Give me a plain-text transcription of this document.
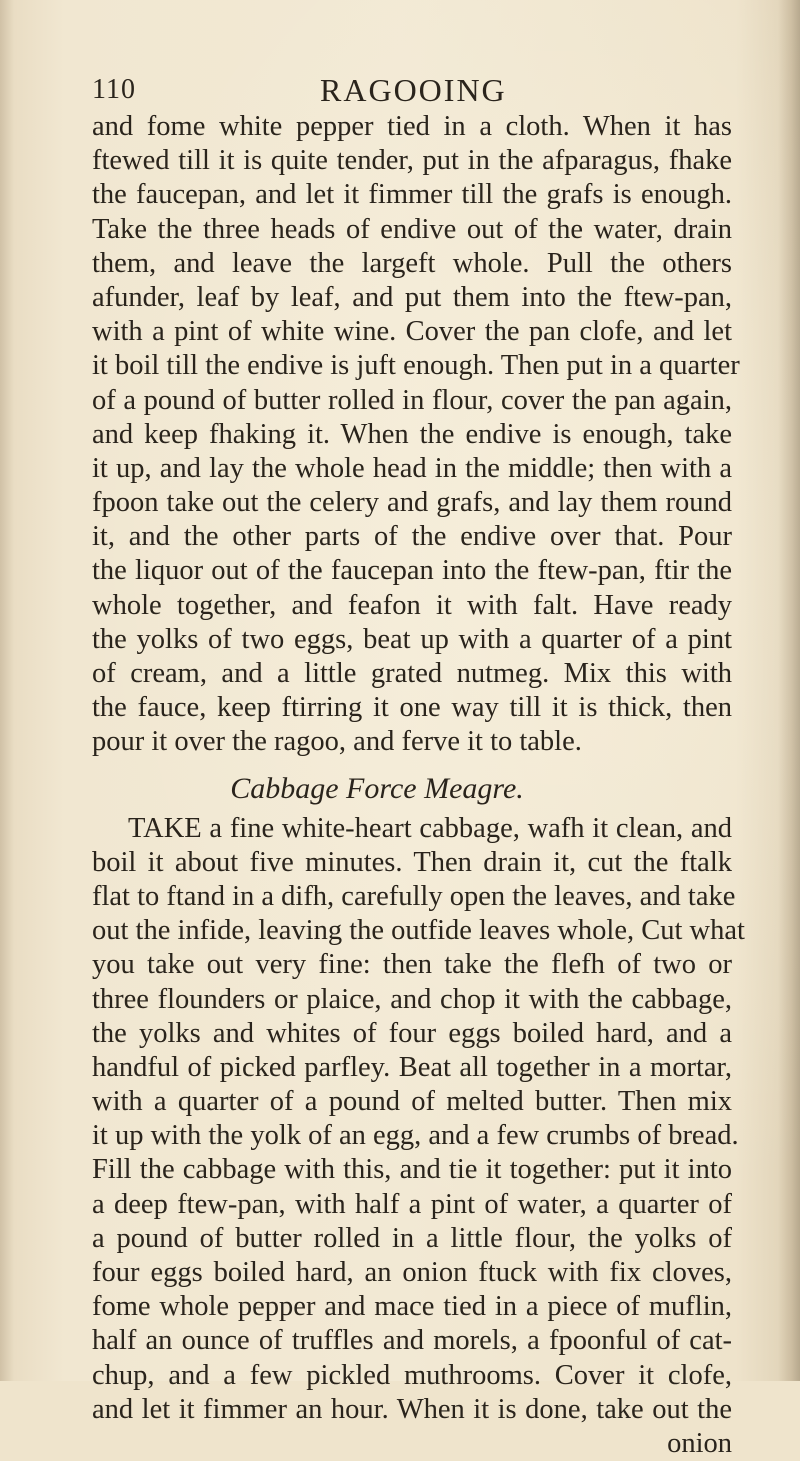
110	RAGOOING
and fome white pepper tied in a cloth. When it has
ftewed till it is quite tender, put in the afparagus, fhake
the faucepan, and let it fimmer till the grafs is enough.
Take the three heads of endive out of the water, drain
them, and leave the largeft whole. Pull the others
afunder, leaf by leaf, and put them into the ftew-pan,
with a pint of white wine. Cover the pan clofe, and let
it boil till the endive is juft enough. Then put in a quarter
of a pound of butter rolled in flour, cover the pan again,
and keep fhaking it. When the endive is enough, take
it up, and lay the whole head in the middle; then with a
fpoon take out the celery and grafs, and lay them round
it, and the other parts of the endive over that. Pour
the liquor out of the faucepan into the ftew-pan, ftir the
whole together, and feafon it with falt. Have ready
the yolks of two eggs, beat up with a quarter of a pint
of cream, and a little grated nutmeg. Mix this with
the fauce, keep ftirring it one way till it is thick, then
pour it over the ragoo, and ferve it to table.
Cabbage Force Meagre.
TAKE a fine white-heart cabbage, wafh it clean, and
boil it about five minutes. Then drain it, cut the ftalk
flat to ftand in a difh, carefully open the leaves, and take
out the infide, leaving the outfide leaves whole, Cut what
you take out very fine: then take the flefh of two or
three flounders or plaice, and chop it with the cabbage,
the yolks and whites of four eggs boiled hard, and a
handful of picked parfley. Beat all together in a mortar,
with a quarter of a pound of melted butter. Then mix
it up with the yolk of an egg, and a few crumbs of bread.
Fill the cabbage with this, and tie it together: put it into
a deep ftew-pan, with half a pint of water, a quarter of
a pound of butter rolled in a little flour, the yolks of
four eggs boiled hard, an onion ftuck with fix cloves,
fome whole pepper and mace tied in a piece of muflin,
half an ounce of truffles and morels, a fpoonful of cat-
chup, and a few pickled muthrooms. Cover it clofe,
and let it fimmer an hour. When it is done, take out the
onion
